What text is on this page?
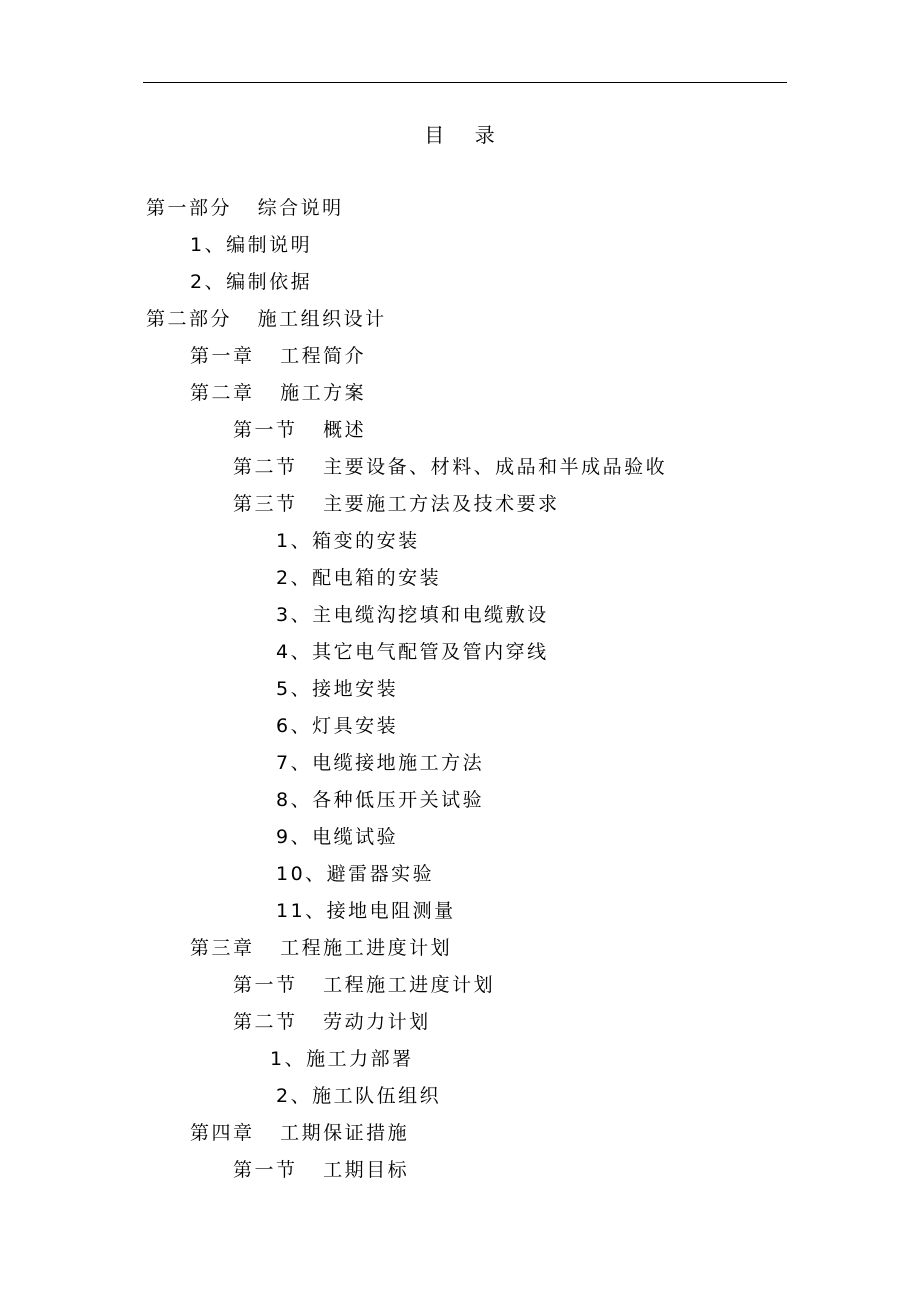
目    录
第一部分   综合说明
1、编制说明
2、编制依据
第二部分   施工组织设计
第一章   工程简介
第二章   施工方案
第一节   概述
第二节   主要设备、材料、成品和半成品验收
第三节   主要施工方法及技术要求
1、箱变的安装
2、配电箱的安装
3、主电缆沟挖填和电缆敷设
4、其它电气配管及管内穿线
5、接地安装
6、灯具安装
7、电缆接地施工方法
8、各种低压开关试验
9、电缆试验
10、避雷器实验
11、接地电阻测量
第三章   工程施工进度计划
第一节   工程施工进度计划
第二节   劳动力计划
1、施工力部署
2、施工队伍组织
第四章   工期保证措施
第一节   工期目标
